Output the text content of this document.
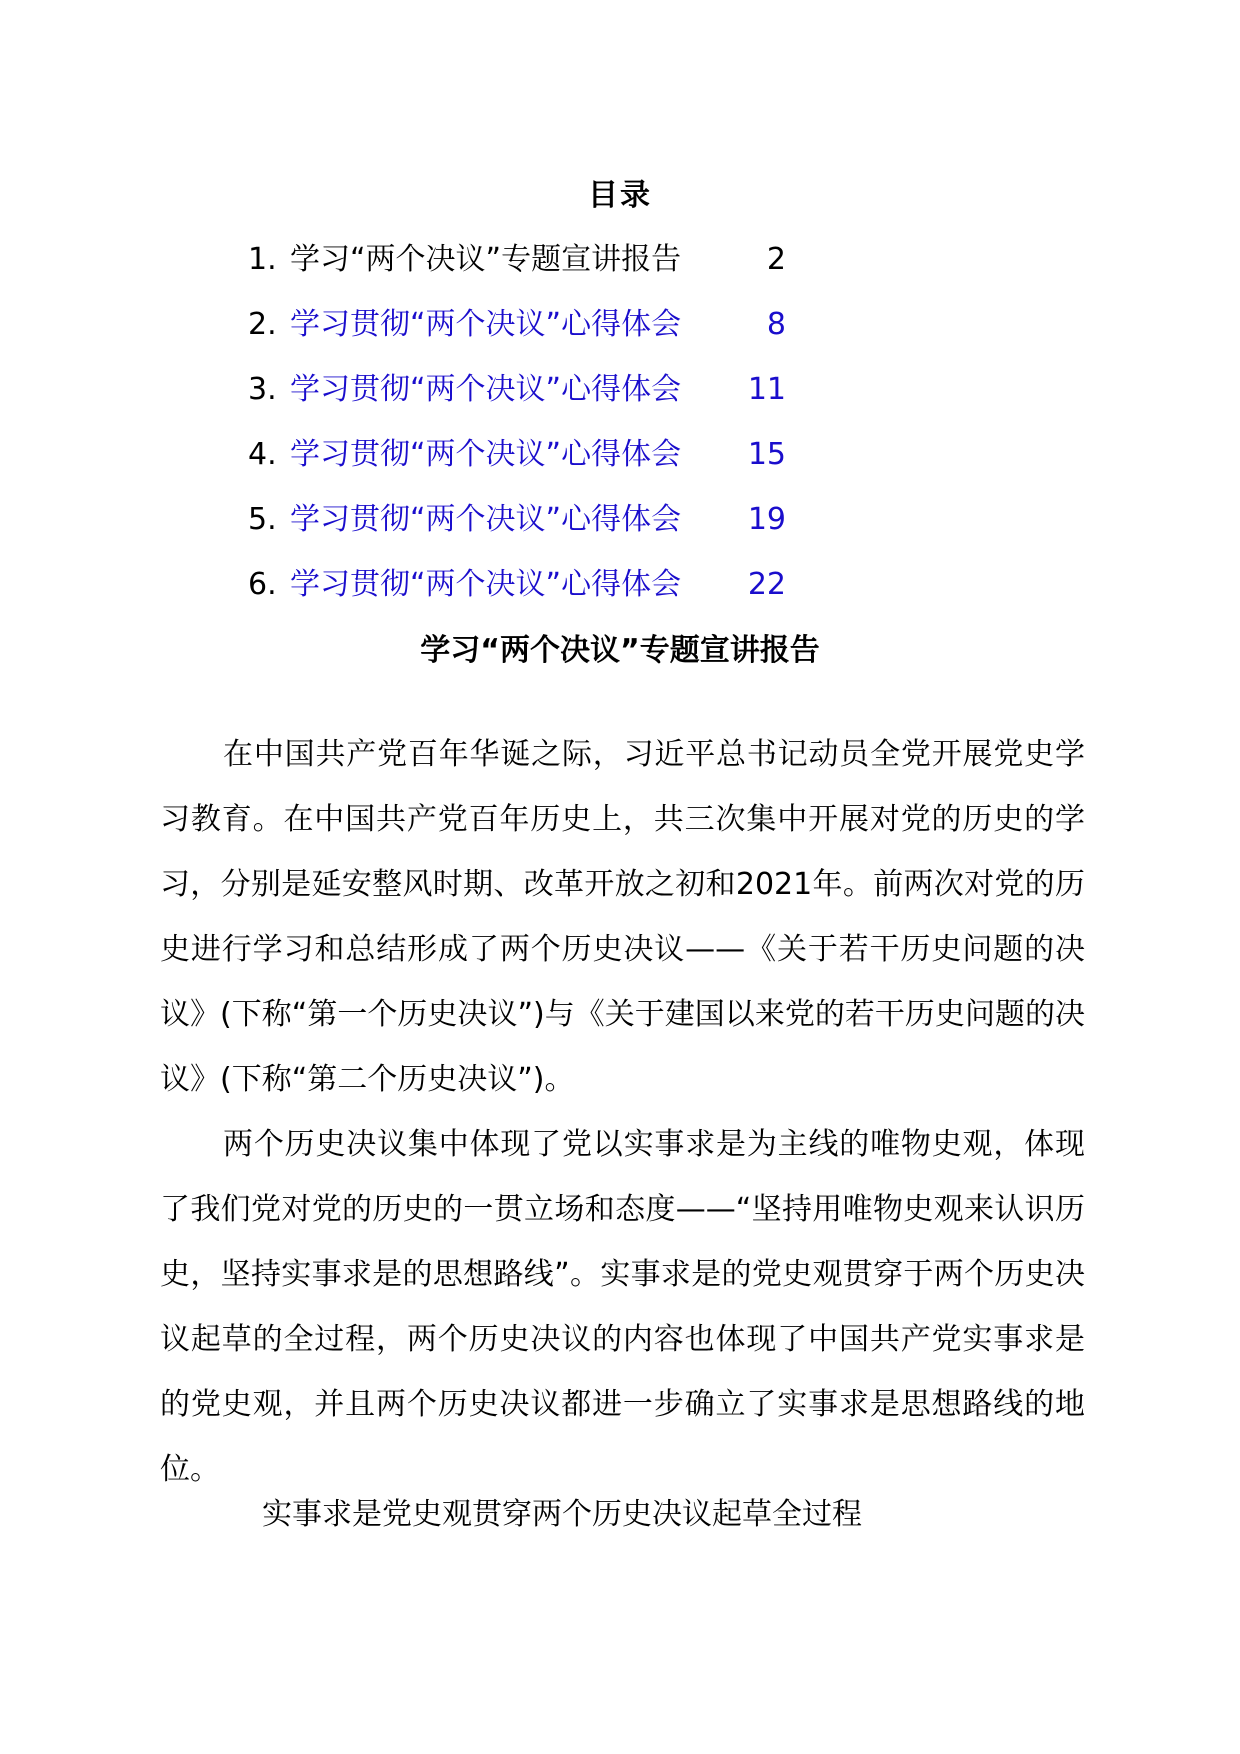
目录
1. 学习“两个决议”专题宣讲报告	2
2. 学习贯彻“两个决议”心得体会	8
3. 学习贯彻“两个决议”心得体会 11
4. 学习贯彻“两个决议”心得体会 15
5. 学习贯彻“两个决议”心得体会 19
6. 学习贯彻“两个决议”心得体会 22
学习“两个决议”专题宣讲报告

在中国共产党百年华诞之际，习近平总书记动员全党开展党史学习教育。在中国共产党百年历史上，共三次集中开展对党的历史的学习，分别是延安整风时期、改革开放之初和2021年。前两次对党的历史进行学习和总结形成了两个历史决议——《关于若干历史问题的决议》(下称“第一个历史决议”)与《关于建国以来党的若干历史问题的决议》(下称“第二个历史决议”)。

两个历史决议集中体现了党以实事求是为主线的唯物史观，体现了我们党对党的历史的一贯立场和态度——“坚持用唯物史观来认识历史，坚持实事求是的思想路线”。实事求是的党史观贯穿于两个历史决议起草的全过程，两个历史决议的内容也体现了中国共产党实事求是的党史观，并且两个历史决议都进一步确立了实事求是思想路线的地位。

实事求是党史观贯穿两个历史决议起草全过程
